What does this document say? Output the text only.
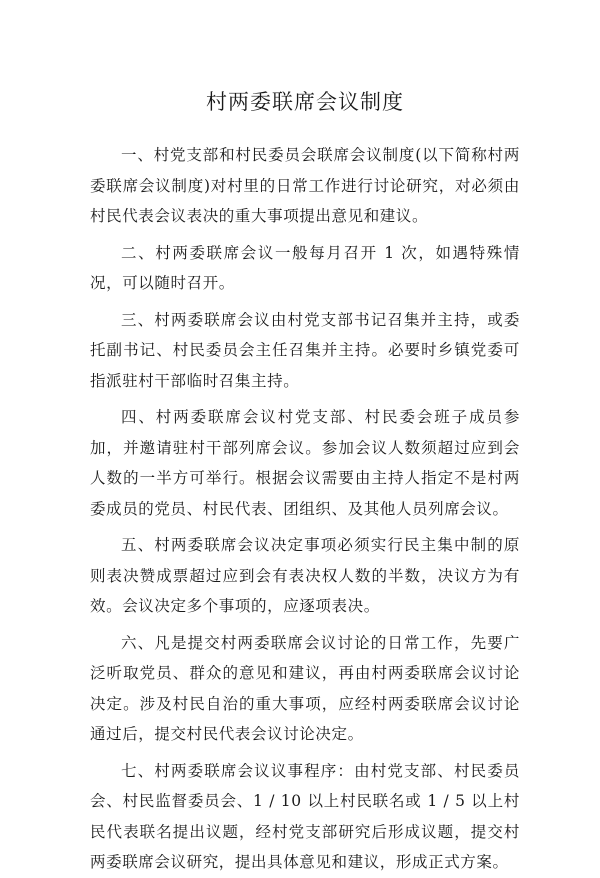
村两委联席会议制度

一、村党支部和村民委员会联席会议制度(以下简称村两委联席会议制度)对村里的日常工作进行讨论研究，对必须由村民代表会议表决的重大事项提出意见和建议。

二、村两委联席会议一般每月召开 1 次，如遇特殊情况，可以随时召开。

三、村两委联席会议由村党支部书记召集并主持，或委托副书记、村民委员会主任召集并主持。必要时乡镇党委可指派驻村干部临时召集主持。

四、村两委联席会议村党支部、村民委会班子成员参加，并邀请驻村干部列席会议。参加会议人数须超过应到会人数的一半方可举行。根据会议需要由主持人指定不是村两委成员的党员、村民代表、团组织、及其他人员列席会议。

五、村两委联席会议决定事项必须实行民主集中制的原则表决赞成票超过应到会有表决权人数的半数，决议方为有效。会议决定多个事项的，应逐项表决。

六、凡是提交村两委联席会议讨论的日常工作，先要广泛听取党员、群众的意见和建议，再由村两委联席会议讨论决定。涉及村民自治的重大事项，应经村两委联席会议讨论通过后，提交村民代表会议讨论决定。

七、村两委联席会议议事程序：由村党支部、村民委员会、村民监督委员会、1 / 10 以上村民联名或 1 / 5 以上村民代表联名提出议题，经村党支部研究后形成议题，提交村两委联席会议研究，提出具体意见和建议，形成正式方案。
